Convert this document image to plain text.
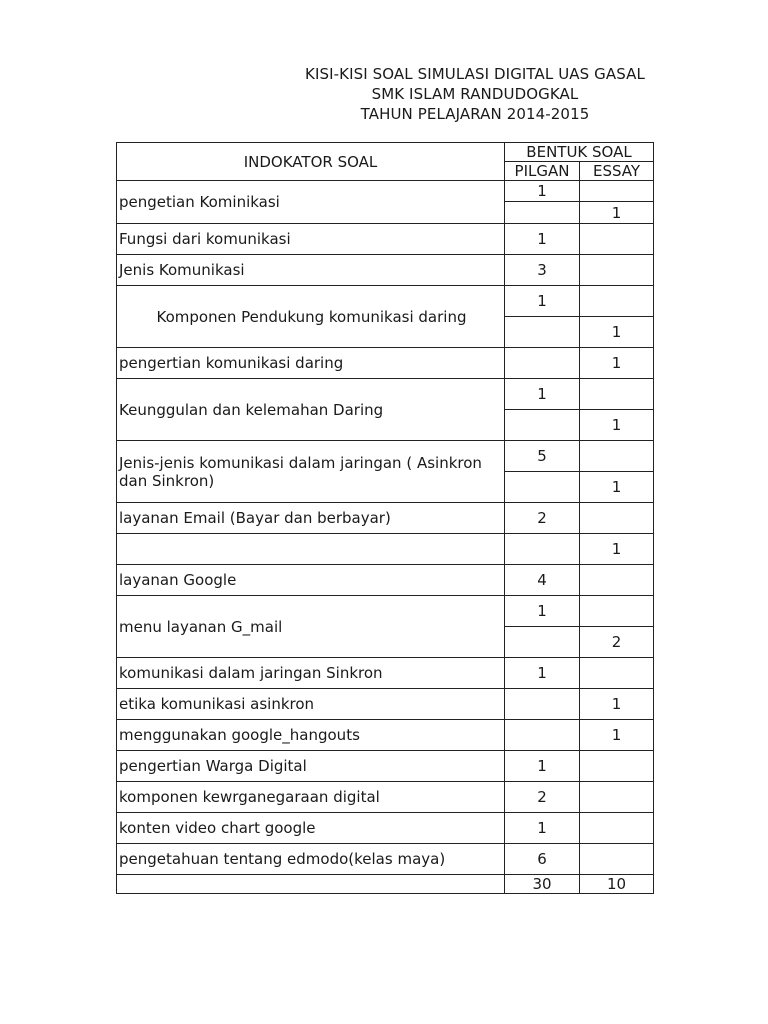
KISI-KISI SOAL SIMULASI DIGITAL UAS GASAL
SMK ISLAM RANDUDOGKAL
TAHUN PELAJARAN 2014-2015
INDOKATOR SOAL	BENTUK SOAL	
	PILGAN	ESSAY
pengetian Kominikasi	1	
		1
Fungsi dari komunikasi	1	
Jenis Komunikasi	3	
Komponen Pendukung komunikasi daring	1	
		1
pengertian komunikasi daring		1
Keunggulan dan kelemahan Daring	1	
		1
Jenis-jenis komunikasi dalam jaringan ( Asinkron dan Sinkron)	5	
		1
layanan Email (Bayar dan berbayar)	2	
		1
layanan Google	4	
menu layanan G_mail	1	
		2
komunikasi dalam jaringan Sinkron	1	
etika komunikasi asinkron		1
menggunakan google_hangouts		1
pengertian Warga Digital	1	
komponen kewrganegaraan digital	2	
konten video chart google	1	
pengetahuan tentang edmodo(kelas maya)	6	
	30	10
